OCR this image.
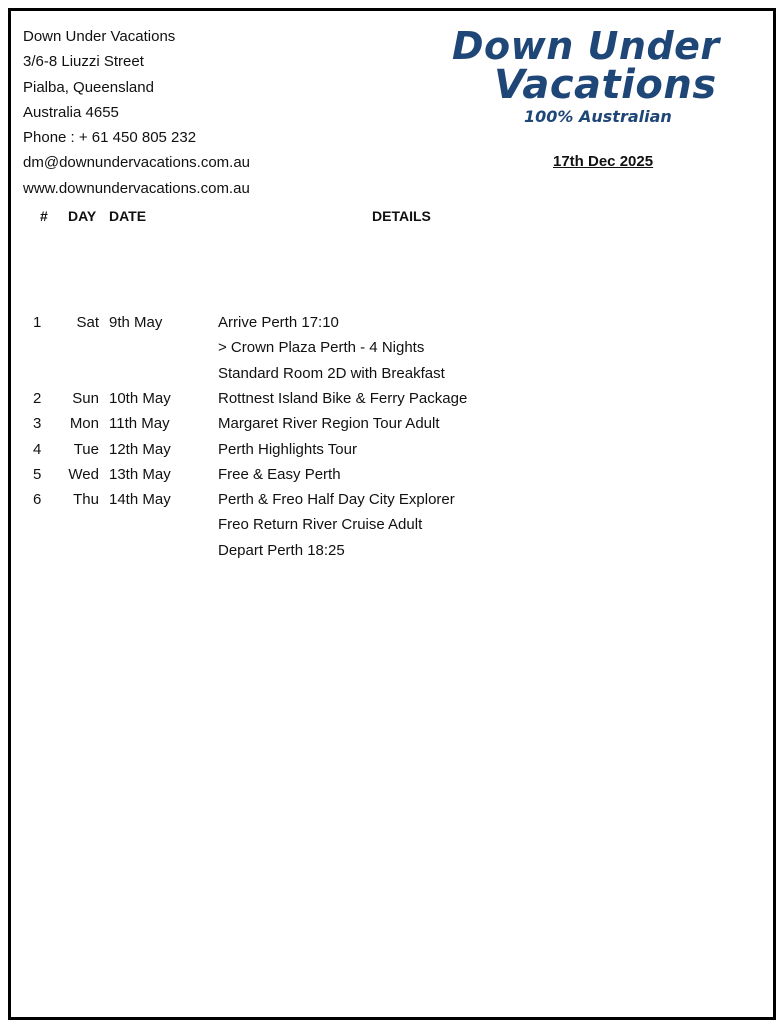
Down Under Vacations
3/6-8 Liuzzi Street
Pialba, Queensland
Australia 4655
Phone : + 61 450 805 232
dm@downundervacations.com.au
www.downundervacations.com.au
Down Under
Vacations
100% Australian
17th Dec 2025
# DAY DATE	DETAILS
1 Sat 9th May	Arrive Perth 17:10
> Crown Plaza Perth - 4 Nights
Standard Room 2D with Breakfast
2 Sun 10th May	Rottnest Island Bike & Ferry Package
3 Mon 11th May	Margaret River Region Tour Adult
4 Tue 12th May	Perth Highlights Tour
5 Wed 13th May	Free & Easy Perth
6 Thu 14th May	Perth & Freo Half Day City Explorer
Freo Return River Cruise Adult
Depart Perth 18:25
